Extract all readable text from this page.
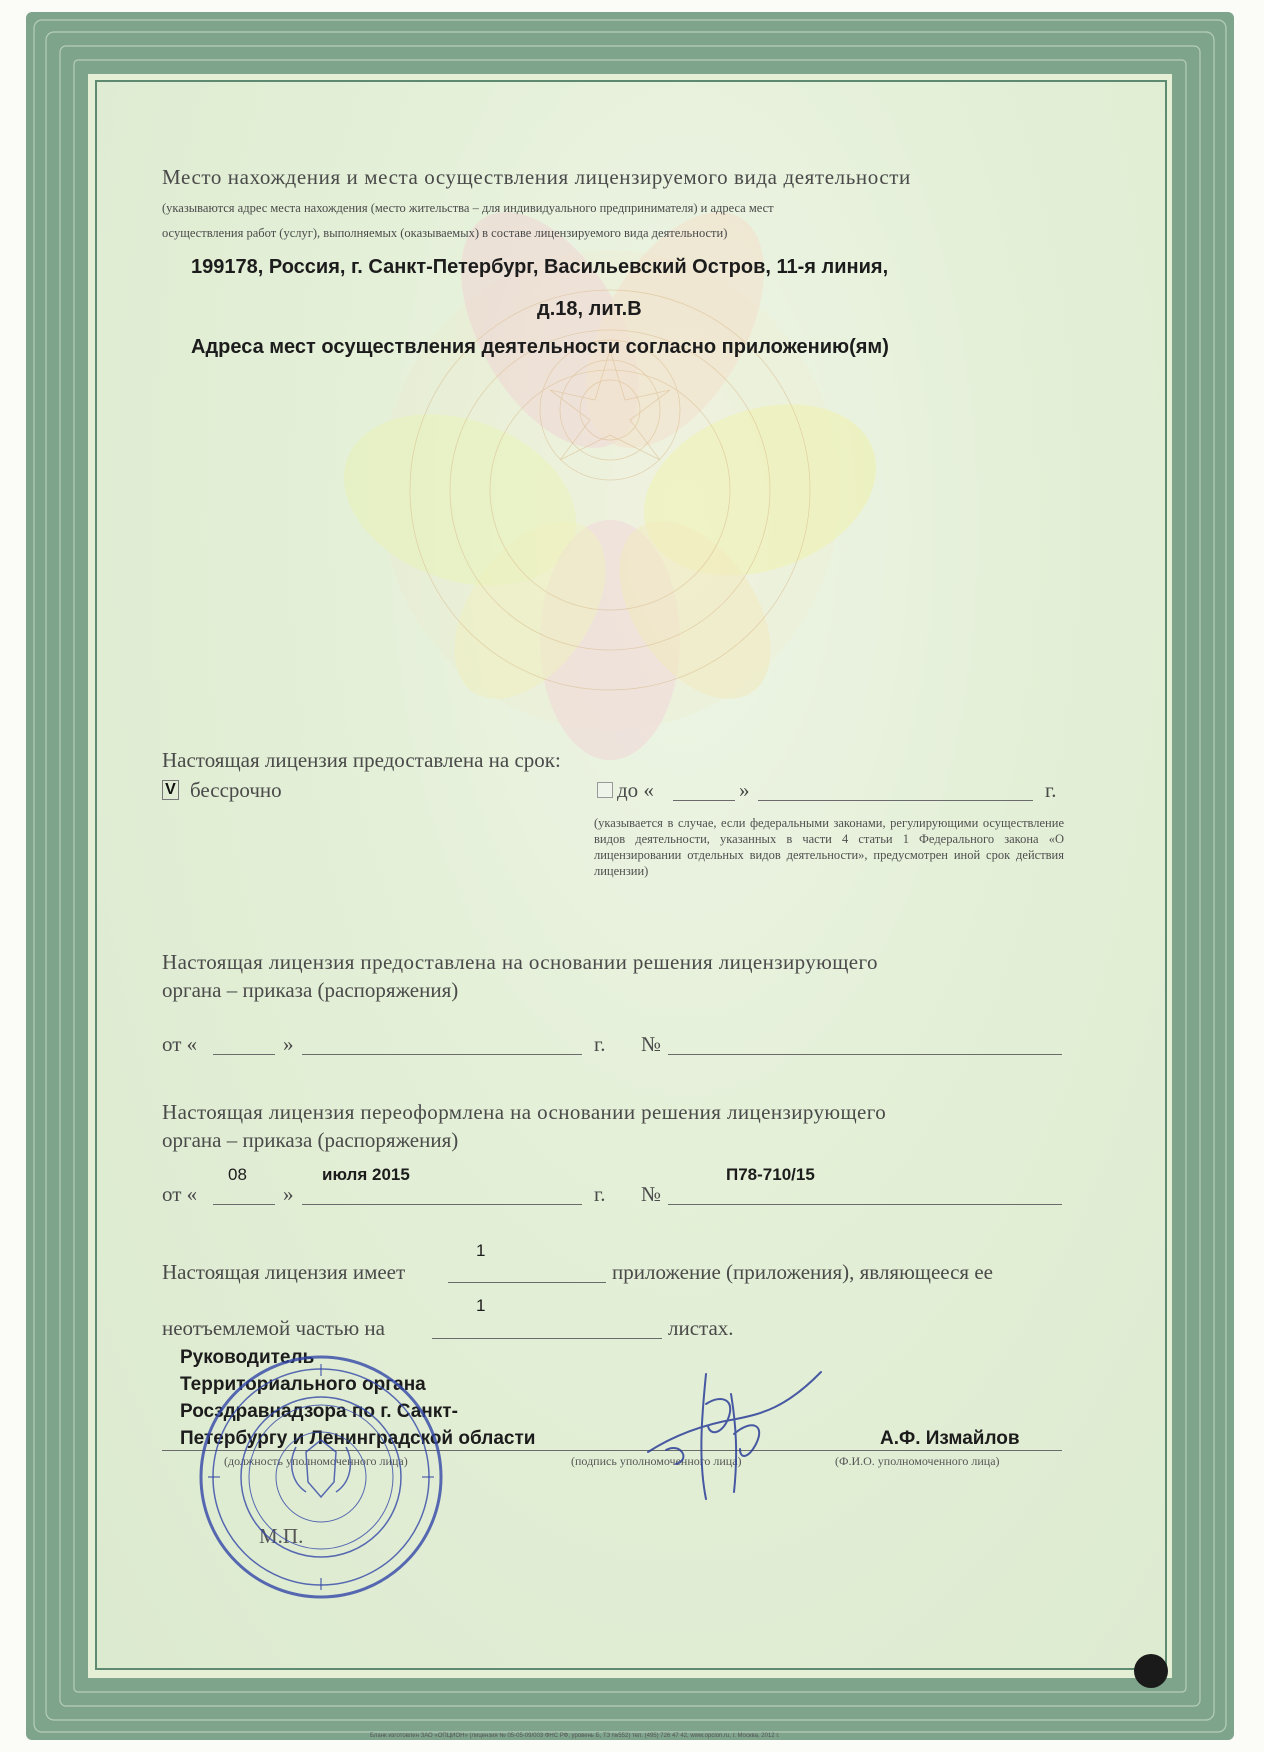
Место нахождения и места осуществления лицензируемого вида деятельности
(указываются адрес места нахождения (место жительства – для индивидуального предпринимателя) и адреса мест
осуществления работ (услуг), выполняемых (оказываемых) в составе лицензируемого вида деятельности)
199178, Россия, г. Санкт-Петербург, Васильевский Остров, 11-я линия,
д.18, лит.В
Адреса мест осуществления деятельности согласно приложению(ям)
Настоящая лицензия предоставлена на срок:
V бессрочно	до «	»	г.
(указывается в случае, если федеральными законами, регулирующими осуществление видов деятельности, указанных в части 4 статьи 1 Федерального закона «О лицензировании отдельных видов деятельности», предусмотрен иной срок действия лицензии)
Настоящая лицензия предоставлена на основании решения лицензирующего
органа – приказа (распоряжения)
от «	»	г. №
Настоящая лицензия переоформлена на основании решения лицензирующего
органа – приказа (распоряжения)
08	июля 2015	П78-710/15
от «	»	г. №
1
Настоящая лицензия имеет	приложение (приложения), являющееся ее
1
неотъемлемой частью на	листах.
Руководитель
Территориального органа
Росздравнадзора по г. Санкт-
Петербургу и Ленинградской области	А.Ф. Измайлов
(должность уполномоченного лица)	(подпись уполномоченного лица)	(Ф.И.О. уполномоченного лица)
М.П.
Бланк изготовлен ЗАО «ОПЦИОН» (лицензия № 05-05-09/003 ФНС РФ, уровень Б, ТЗ №552) тел. (495) 726 47 42, www.opcion.ru, г. Москва, 2012 г.
